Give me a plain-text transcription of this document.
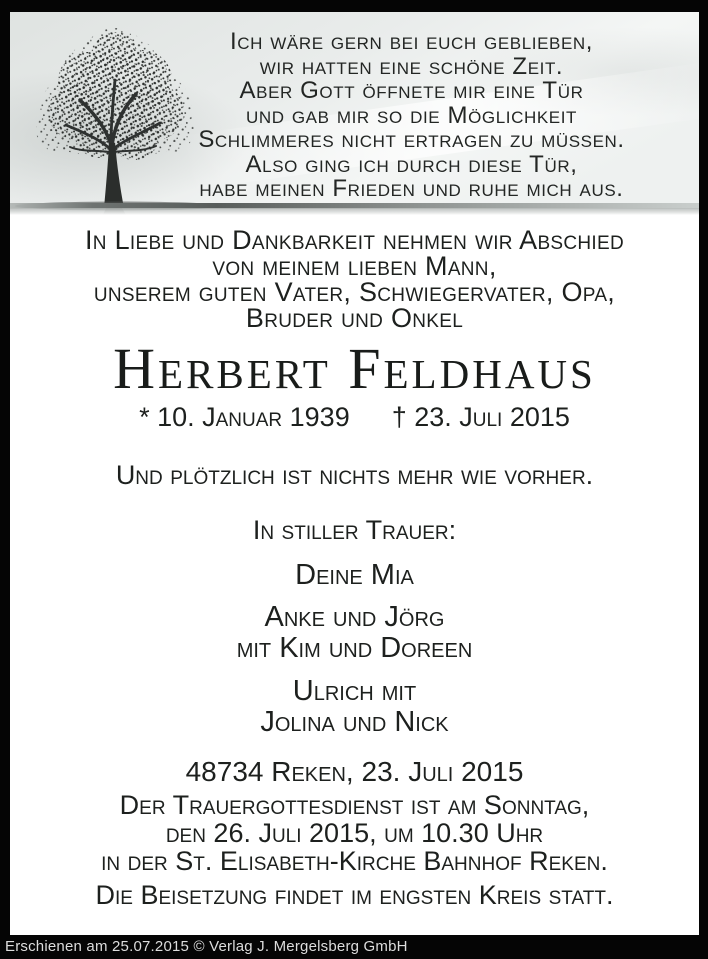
Ich wäre gern bei euch geblieben,
wir hatten eine schöne Zeit.
Aber Gott öffnete mir eine Tür
und gab mir so die Möglichkeit
Schlimmeres nicht ertragen zu müssen.
Also ging ich durch diese Tür,
habe meinen Frieden und ruhe mich aus.
In Liebe und Dankbarkeit nehmen wir Abschied
von meinem lieben Mann,
unserem guten Vater, Schwiegervater, Opa,
Bruder und Onkel
Herbert Feldhaus
* 10. Januar 1939 † 23. Juli 2015
Und plötzlich ist nichts mehr wie vorher.
In stiller Trauer:
Deine Mia
Anke und Jörg
mit Kim und Doreen
Ulrich mit
Jolina und Nick
48734 Reken, 23. Juli 2015
Der Trauergottesdienst ist am Sonntag,
den 26. Juli 2015, um 10.30 Uhr
in der St. Elisabeth-Kirche Bahnhof Reken.
Die Beisetzung findet im engsten Kreis statt.
Erschienen am 25.07.2015 © Verlag J. Mergelsberg GmbH
